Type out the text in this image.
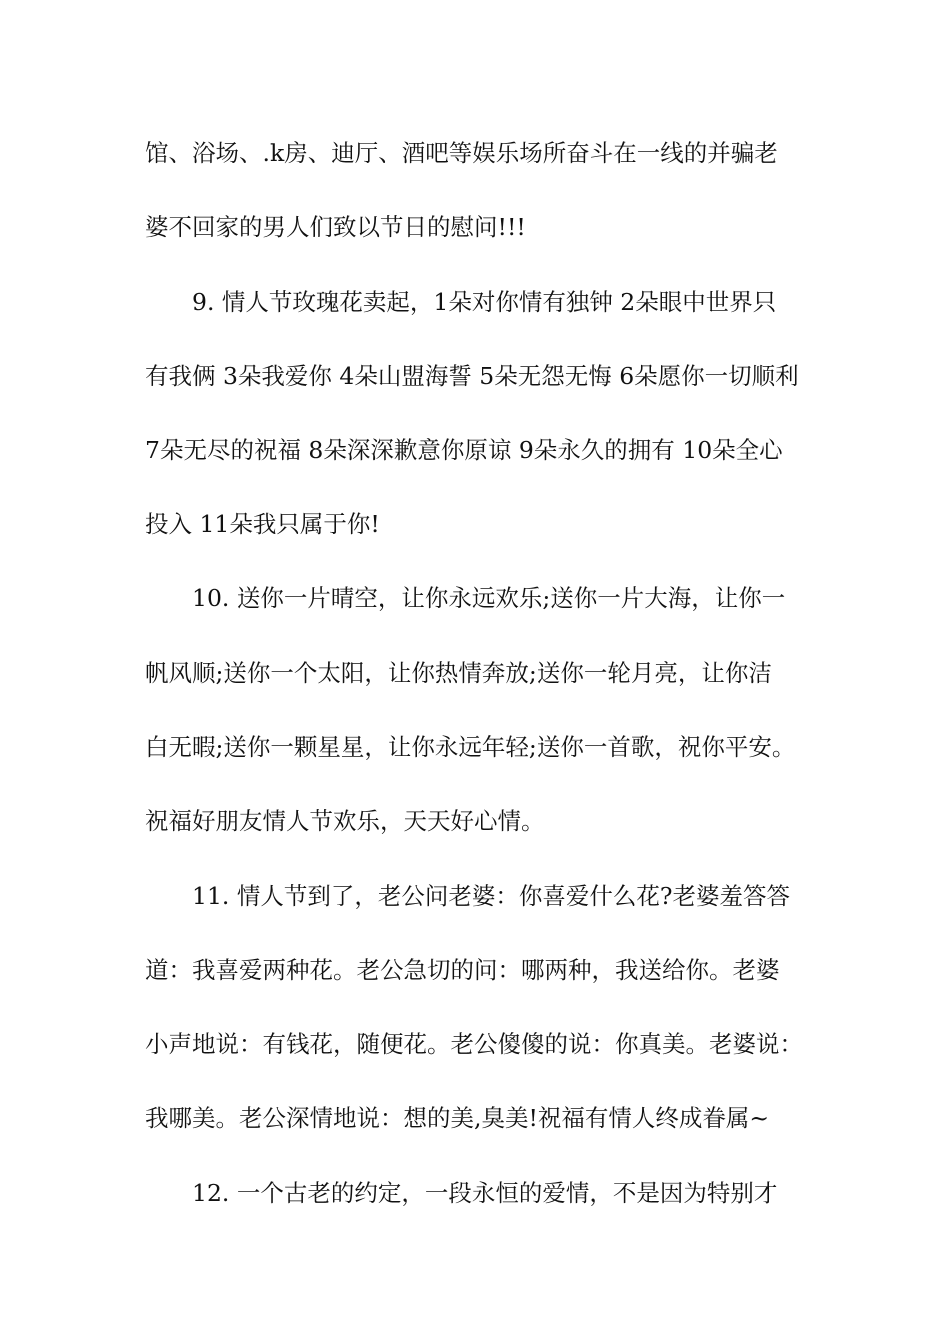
馆、浴场、.k房、迪厅、酒吧等娱乐场所奋斗在一线的并骗老
婆不回家的男人们致以节日的慰问!!!
9. 情人节玫瑰花卖起，1朵对你情有独钟 2朵眼中世界只
有我俩 3朵我爱你 4朵山盟海誓 5朵无怨无悔 6朵愿你一切顺利
7朵无尽的祝福 8朵深深歉意你原谅 9朵永久的拥有 10朵全心
投入 11朵我只属于你!
10. 送你一片晴空，让你永远欢乐;送你一片大海，让你一
帆风顺;送你一个太阳，让你热情奔放;送你一轮月亮，让你洁
白无暇;送你一颗星星，让你永远年轻;送你一首歌，祝你平安。
祝福好朋友情人节欢乐，天天好心情。
11. 情人节到了，老公问老婆：你喜爱什么花?老婆羞答答
道：我喜爱两种花。老公急切的问：哪两种，我送给你。老婆
小声地说：有钱花，随便花。老公傻傻的说：你真美。老婆说：
我哪美。老公深情地说：想的美,臭美!祝福有情人终成眷属~
12. 一个古老的约定，一段永恒的爱情，不是因为特别才
